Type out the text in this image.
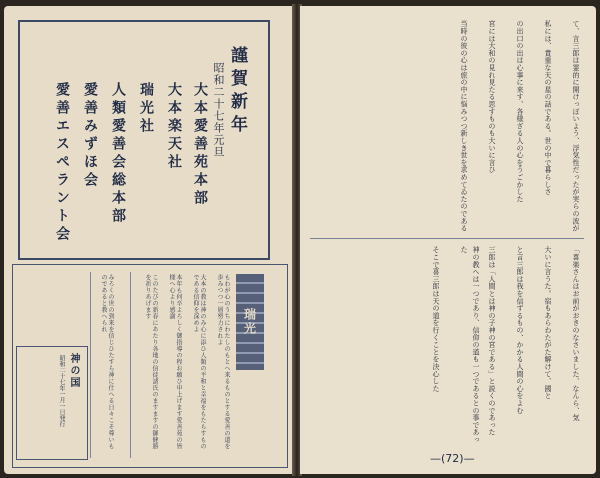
謹賀新年
昭和二十七年元旦
大本愛善苑本部
大本楽天社
瑞光社
人類愛善会総本部
愛善みずほ会
愛善エスペラント会
瑞光
もわが心のうちにわたしのもとへ来るものとする愛善の道を歩みつつ一層努力されよ
大本の教は神のみ心に添ひ人類の平和と幸福をもたらすものである信仰を深めよ
本年も何卒よろしく御指導の程お願ひ申上げます愛善苑の皆様へ心より感謝
このたびの新春にあたり各地の信徒諸氏のますますの御健勝を祈りあげます
みろくの世の到来を信じひたすら神に仕へる日々こそ尊いものであると教へられ
神の国
昭和二十七年一月一日発行
て、言三郎は霊的に開けっぽいよう、浮気性だったが実らの波が
私には、貴重な天の星の話である。世の中で暮らしさ
の出口の出は心事に来す、各様ざる人の心をうごかした
宮には大和の見れ見たる思すものも大いに言ひ
当時の彼の心は旅の中に悩みつつ新しき世を求めてゐたのである
「喜楽さんはお前がおきのなさいました、なんら、気
大いに言うた。宿もあらわたがた解けて、國と
と言三郎は我を信ずるもの、かかる人間の心をよむ
三郎は「人間とは神の子神の宮である」と説くのであった
神の教へは一つであり、信仰の道も一つであるとの事であった
そこで喜三郎は天の道を行くことを決心した
—(72)—
